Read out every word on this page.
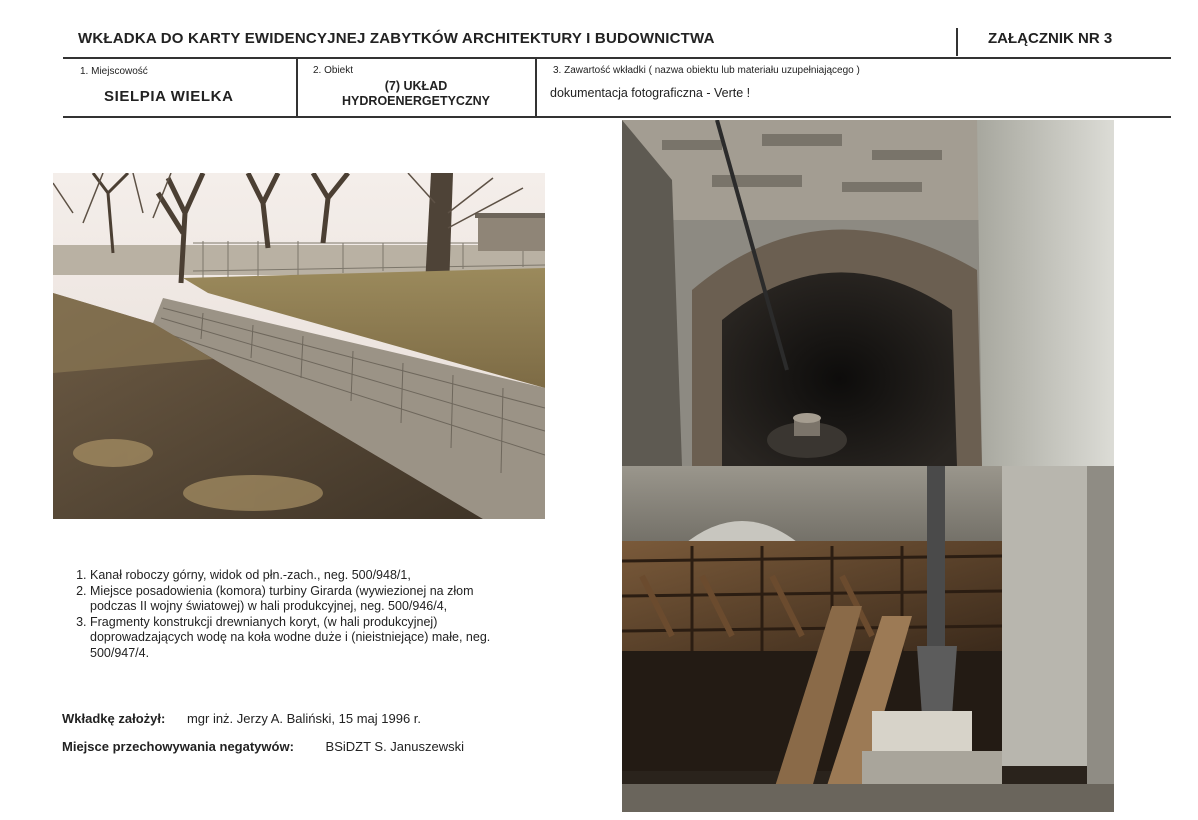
WKŁADKA DO KARTY EWIDENCYJNEJ ZABYTKÓW ARCHITEKTURY I BUDOWNICTWA	ZAŁĄCZNIK NR 3
1. Miejscowość
SIELPIA WIELKA
2. Obiekt
(7) UKŁAD
HYDROENERGETYCZNY
3. Zawartość wkładki ( nazwa obiektu lub materiału uzupełniającego )
dokumentacja fotograficzna - Verte !
1. Kanał roboczy górny, widok od płn.-zach., neg. 500/948/1,
2. Miejsce posadowienia (komora) turbiny Girarda (wywiezionej na złom podczas II wojny światowej) w hali produkcyjnej, neg. 500/946/4,
3. Fragmenty konstrukcji drewnianych koryt, (w hali produkcyjnej) doprowadzających wodę na koła wodne duże i (nieistniejące) małe, neg. 500/947/4.
Wkładkę założył: mgr inż. Jerzy A. Baliński, 15 maj 1996 r.
Miejsce przechowywania negatywów: BSiDZT S. Januszewski
